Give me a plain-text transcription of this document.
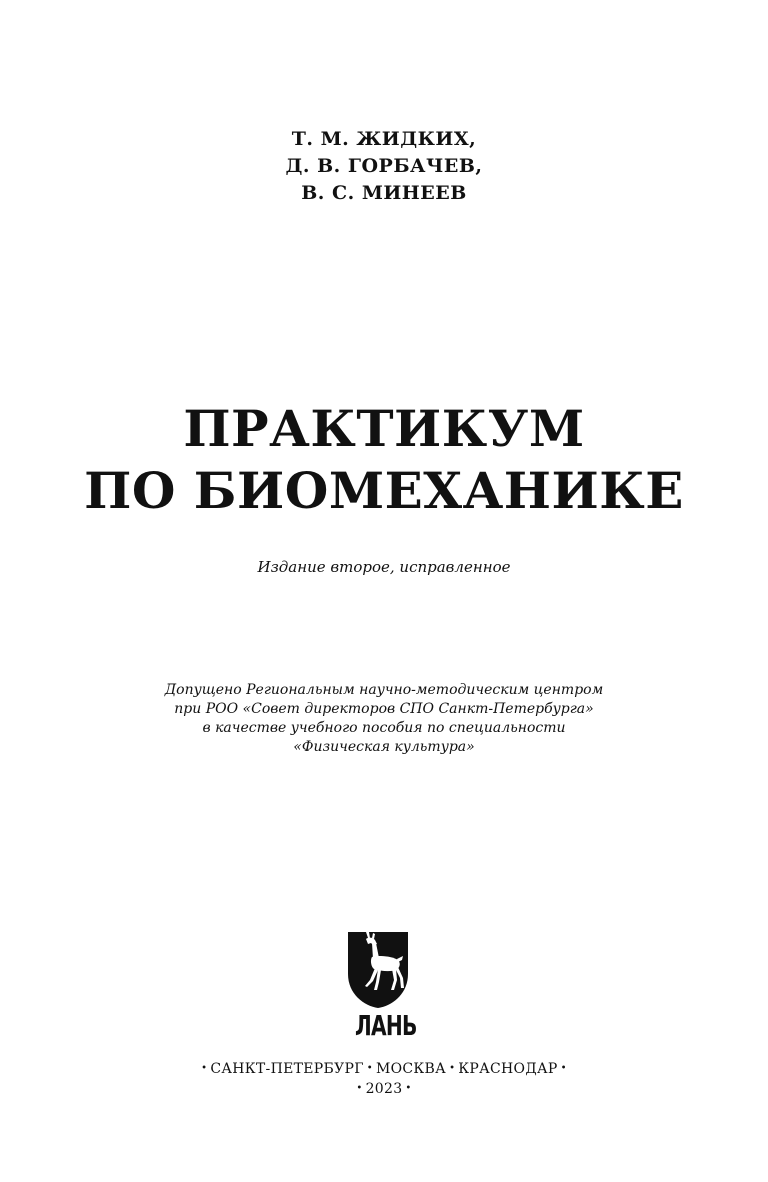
Т. М. ЖИДКИХ,
Д. В. ГОРБАЧЕВ,
В. С. МИНЕЕВ
ПРАКТИКУМ
ПО БИОМЕХАНИКЕ
Издание второе, исправленное
Допущено Региональным научно-методическим центром
при РОО «Совет директоров СПО Санкт-Петербурга»
в качестве учебного пособия по специальности
«Физическая культура»
ЛАНЬ
• САНКТ-ПЕТЕРБУРГ • МОСКВА • КРАСНОДАР •
• 2023 •
